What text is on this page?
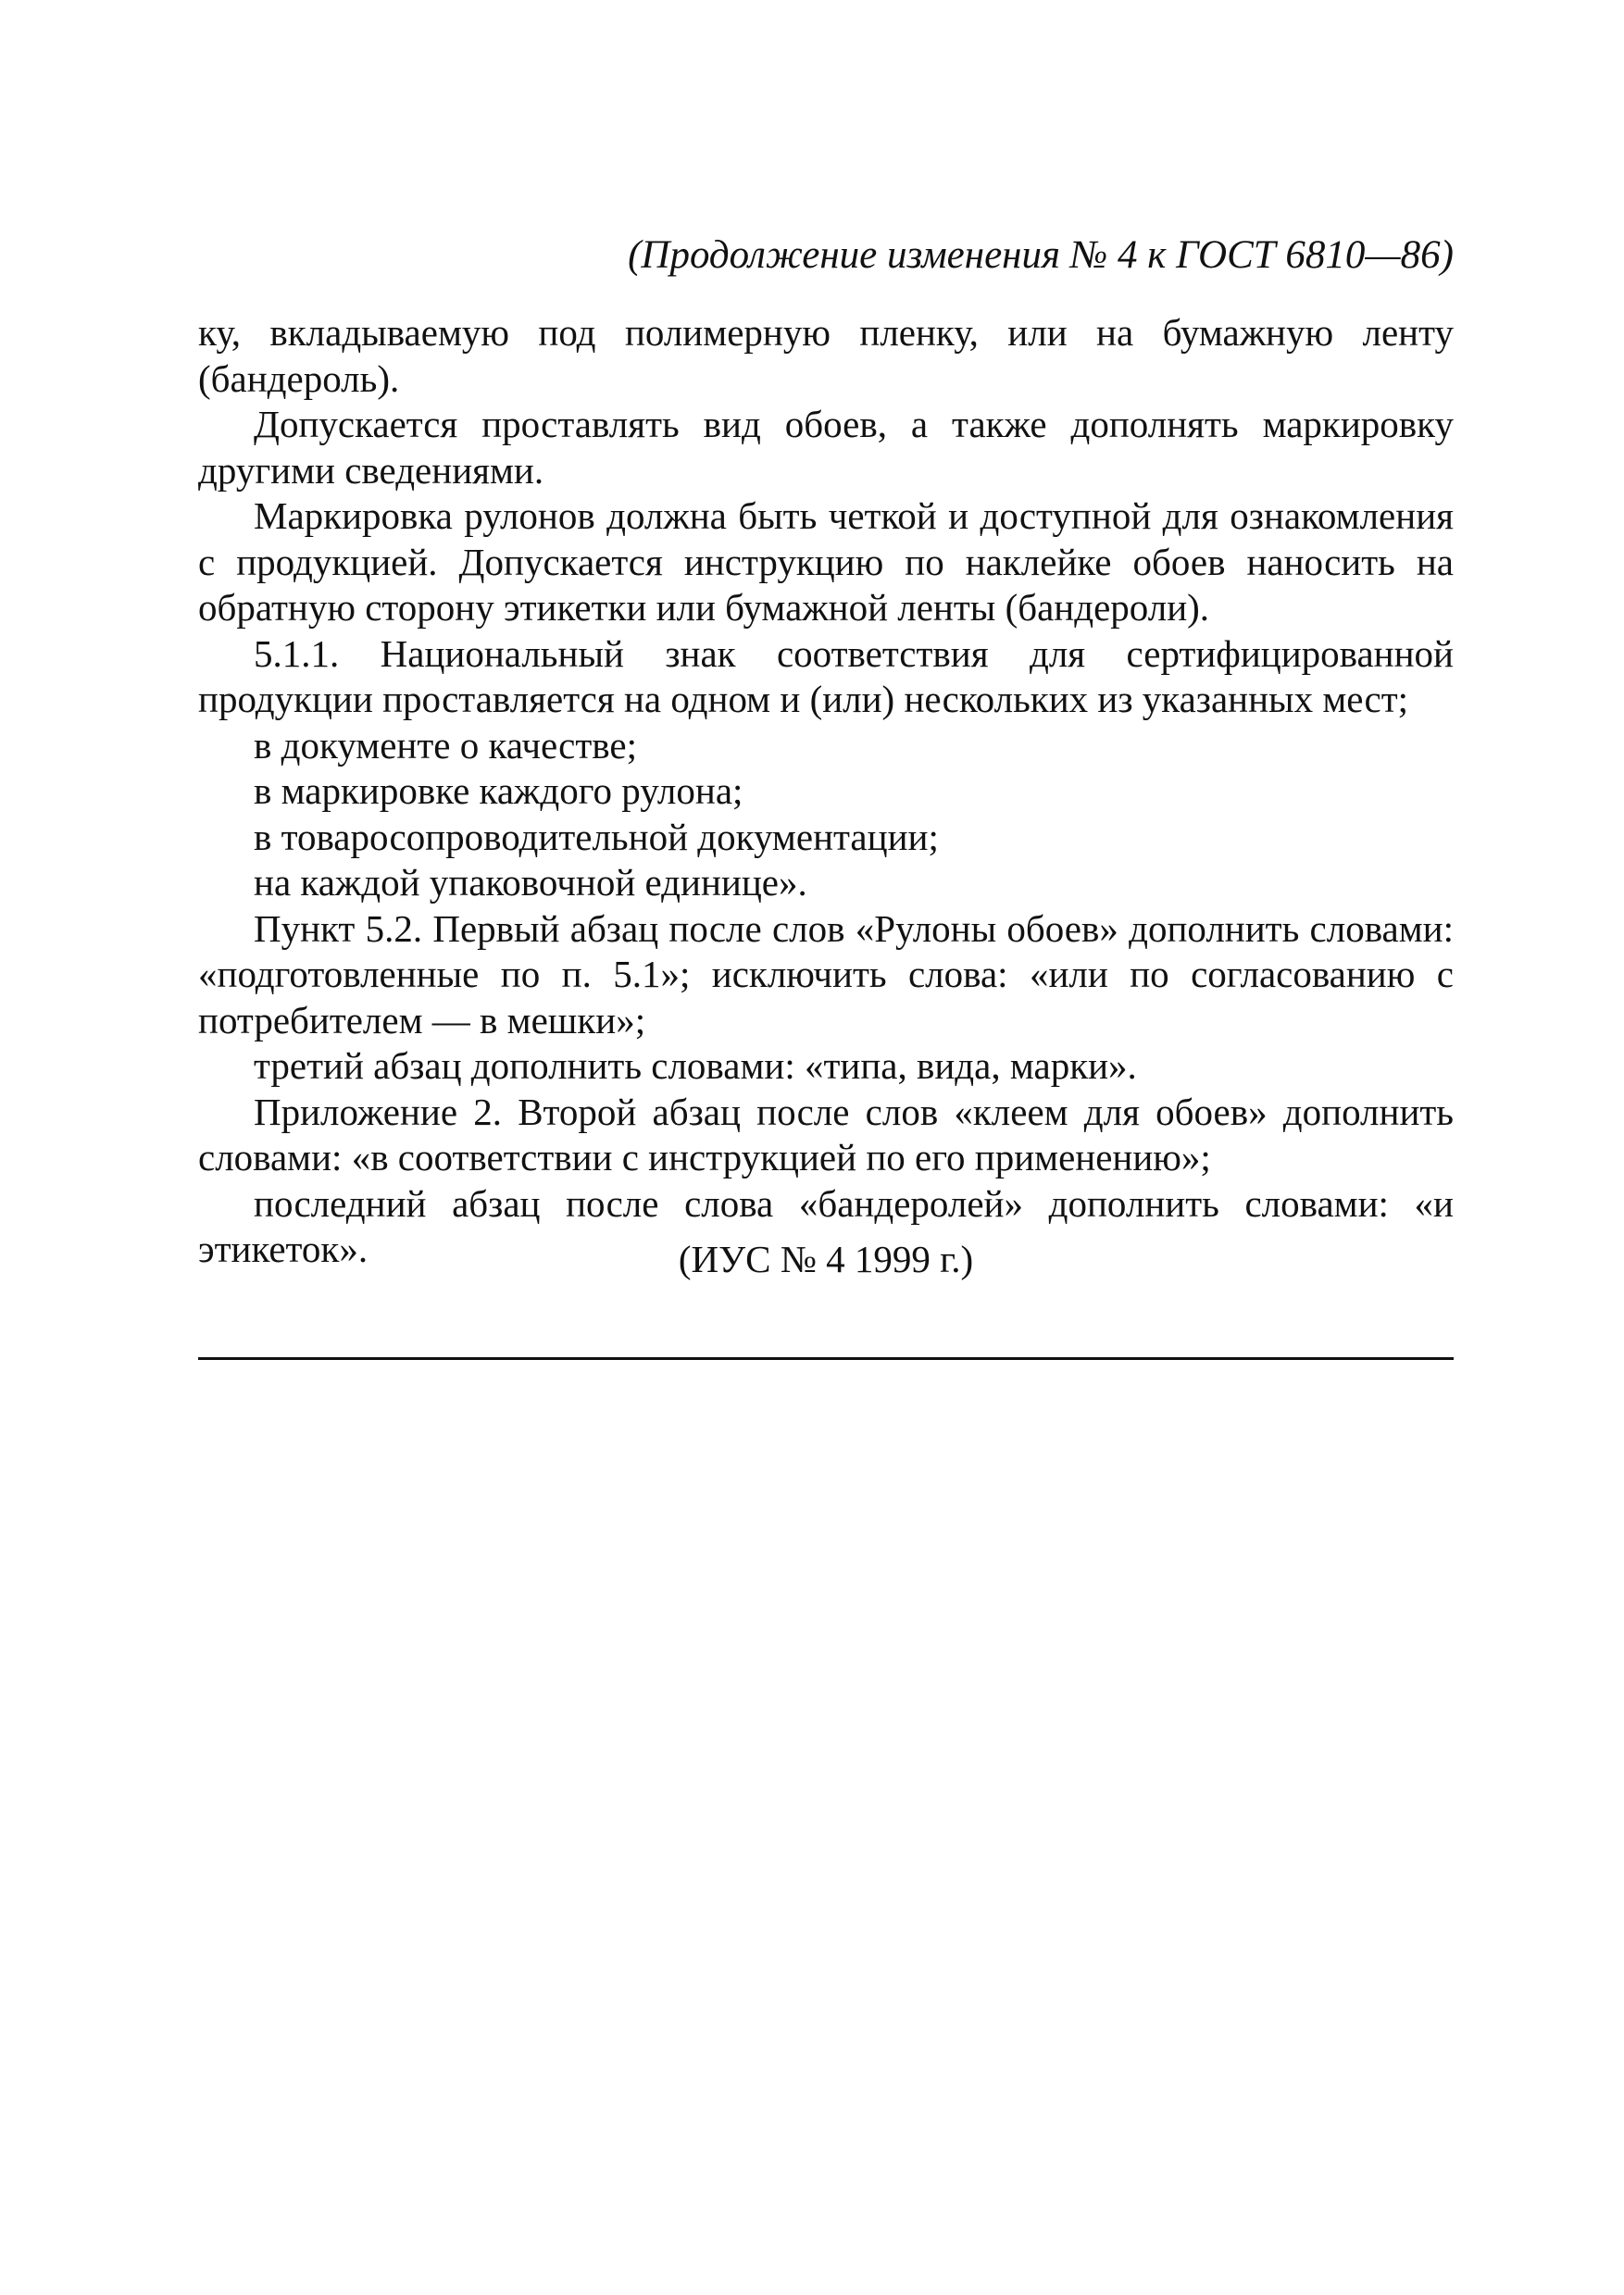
(Продолжение изменения № 4 к ГОСТ 6810—86)

ку, вкладываемую под полимерную пленку, или на бумажную ленту (бандероль).

Допускается проставлять вид обоев, а также дополнять маркировку другими сведениями.

Маркировка рулонов должна быть четкой и доступной для ознакомления с продукцией. Допускается инструкцию по наклейке обоев наносить на обратную сторону этикетки или бумажной ленты (бандероли).

5.1.1. Национальный знак соответствия для сертифицированной продукции проставляется на одном и (или) нескольких из указанных мест;

в документе о качестве;

в маркировке каждого рулона;

в товаросопроводительной документации;

на каждой упаковочной единице».

Пункт 5.2. Первый абзац после слов «Рулоны обоев» дополнить словами: «подготовленные по п. 5.1»; исключить слова: «или по согласованию с потребителем — в мешки»;

третий абзац дополнить словами: «типа, вида, марки».

Приложение 2. Второй абзац после слов «клеем для обоев» дополнить словами: «в соответствии с инструкцией по его применению»;

последний абзац после слова «бандеролей» дополнить словами: «и этикеток».	(ИУС № 4 1999 г.)
